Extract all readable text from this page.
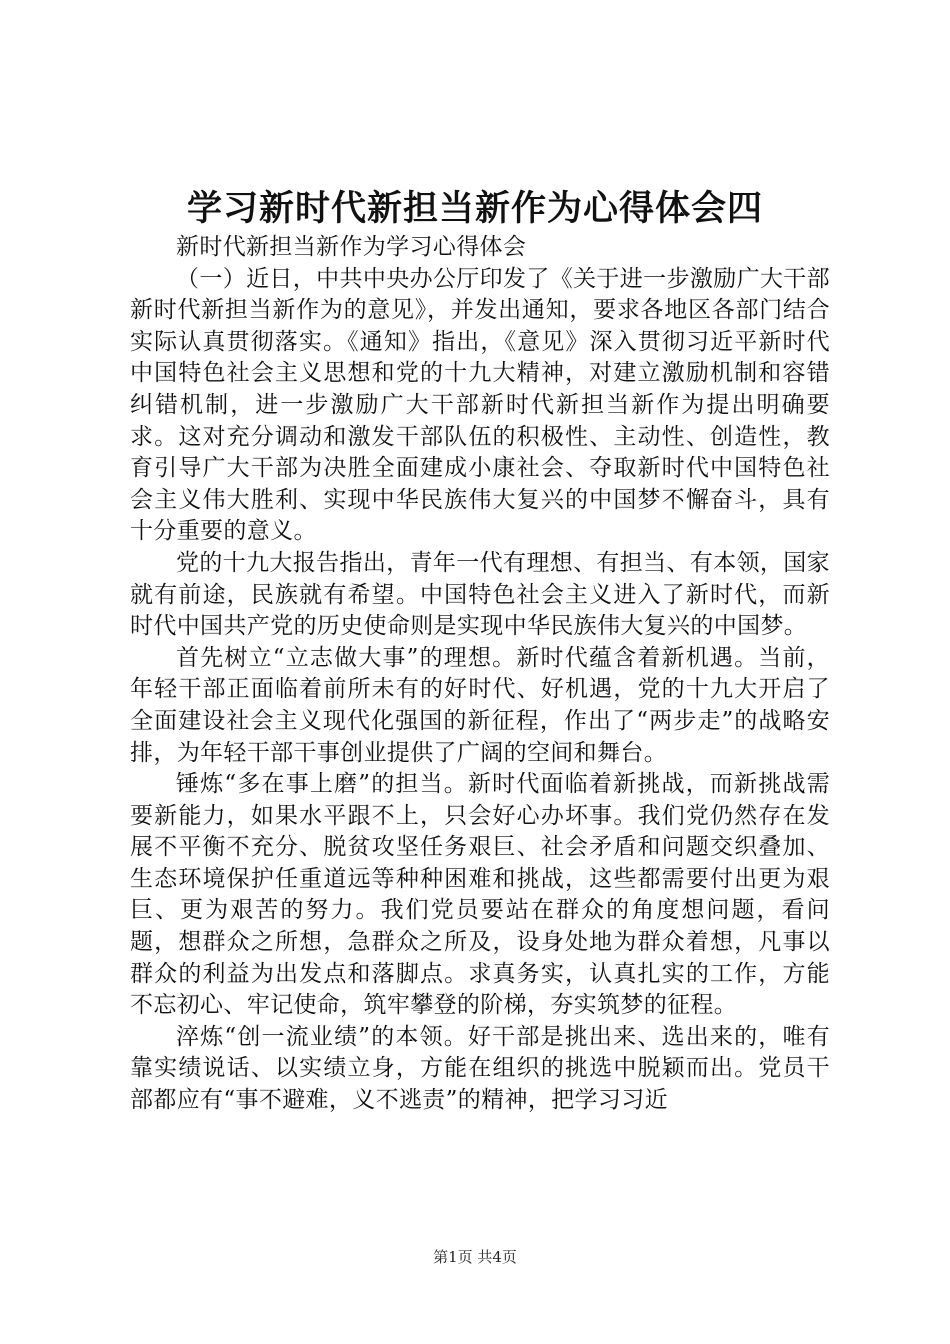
学习新时代新担当新作为心得体会四

新时代新担当新作为学习心得体会

（一）近日，中共中央办公厅印发了《关于进一步激励广大干部新时代新担当新作为的意见》，并发出通知，要求各地区各部门结合实际认真贯彻落实。《通知》指出，《意见》深入贯彻习近平新时代中国特色社会主义思想和党的十九大精神，对建立激励机制和容错纠错机制，进一步激励广大干部新时代新担当新作为提出明确要求。这对充分调动和激发干部队伍的积极性、主动性、创造性，教育引导广大干部为决胜全面建成小康社会、夺取新时代中国特色社会主义伟大胜利、实现中华民族伟大复兴的中国梦不懈奋斗，具有十分重要的意义。

党的十九大报告指出，青年一代有理想、有担当、有本领，国家就有前途，民族就有希望。中国特色社会主义进入了新时代，而新时代中国共产党的历史使命则是实现中华民族伟大复兴的中国梦。

首先树立“立志做大事”的理想。新时代蕴含着新机遇。当前，年轻干部正面临着前所未有的好时代、好机遇，党的十九大开启了全面建设社会主义现代化强国的新征程，作出了“两步走”的战略安排，为年轻干部干事创业提供了广阔的空间和舞台。

锤炼“多在事上磨”的担当。新时代面临着新挑战，而新挑战需要新能力，如果水平跟不上，只会好心办坏事。我们党仍然存在发展不平衡不充分、脱贫攻坚任务艰巨、社会矛盾和问题交织叠加、生态环境保护任重道远等种种困难和挑战，这些都需要付出更为艰巨、更为艰苦的努力。我们党员要站在群众的角度想问题，看问题，想群众之所想，急群众之所及，设身处地为群众着想，凡事以群众的利益为出发点和落脚点。求真务实，认真扎实的工作，方能不忘初心、牢记使命，筑牢攀登的阶梯，夯实筑梦的征程。

淬炼“创一流业绩”的本领。好干部是挑出来、选出来的，唯有靠实绩说话、以实绩立身，方能在组织的挑选中脱颖而出。党员干部都应有“事不避难，义不逃责”的精神，把学习习近

第1页 共4页
